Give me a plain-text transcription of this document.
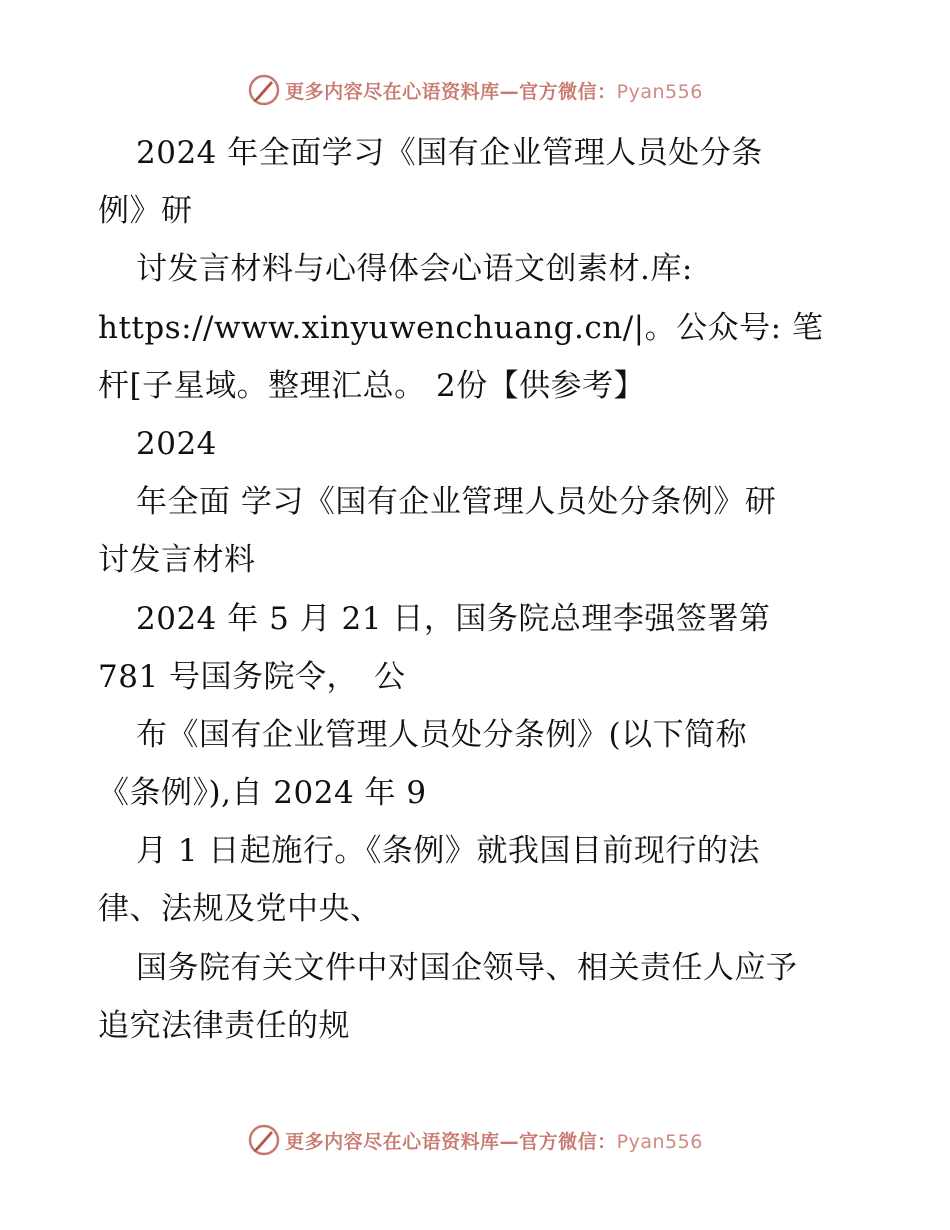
更多内容尽在心语资料库—官方微信：Pyan556
2024 年全面学习《国有企业管理人员处分条
例》研
讨发言材料与心得体会心语文创素材.库:
https://www.xinyuwenchuang.cn/|。公众号: 笔
杆[子星域。整理汇总。 2份【供参考】
2024
年全面 学习《国有企业管理人员处分条例》研
讨发言材料
2024 年 5 月 21 日，国务院总理李强签署第
781 号国务院令，　公
布《国有企业管理人员处分条例》(以下简称
《条例》),自 2024 年 9
月 1 日起施行。《条例》就我国目前现行的法
律、法规及党中央、
国务院有关文件中对国企领导、相关责任人应予
追究法律责任的规
更多内容尽在心语资料库—官方微信：Pyan556
